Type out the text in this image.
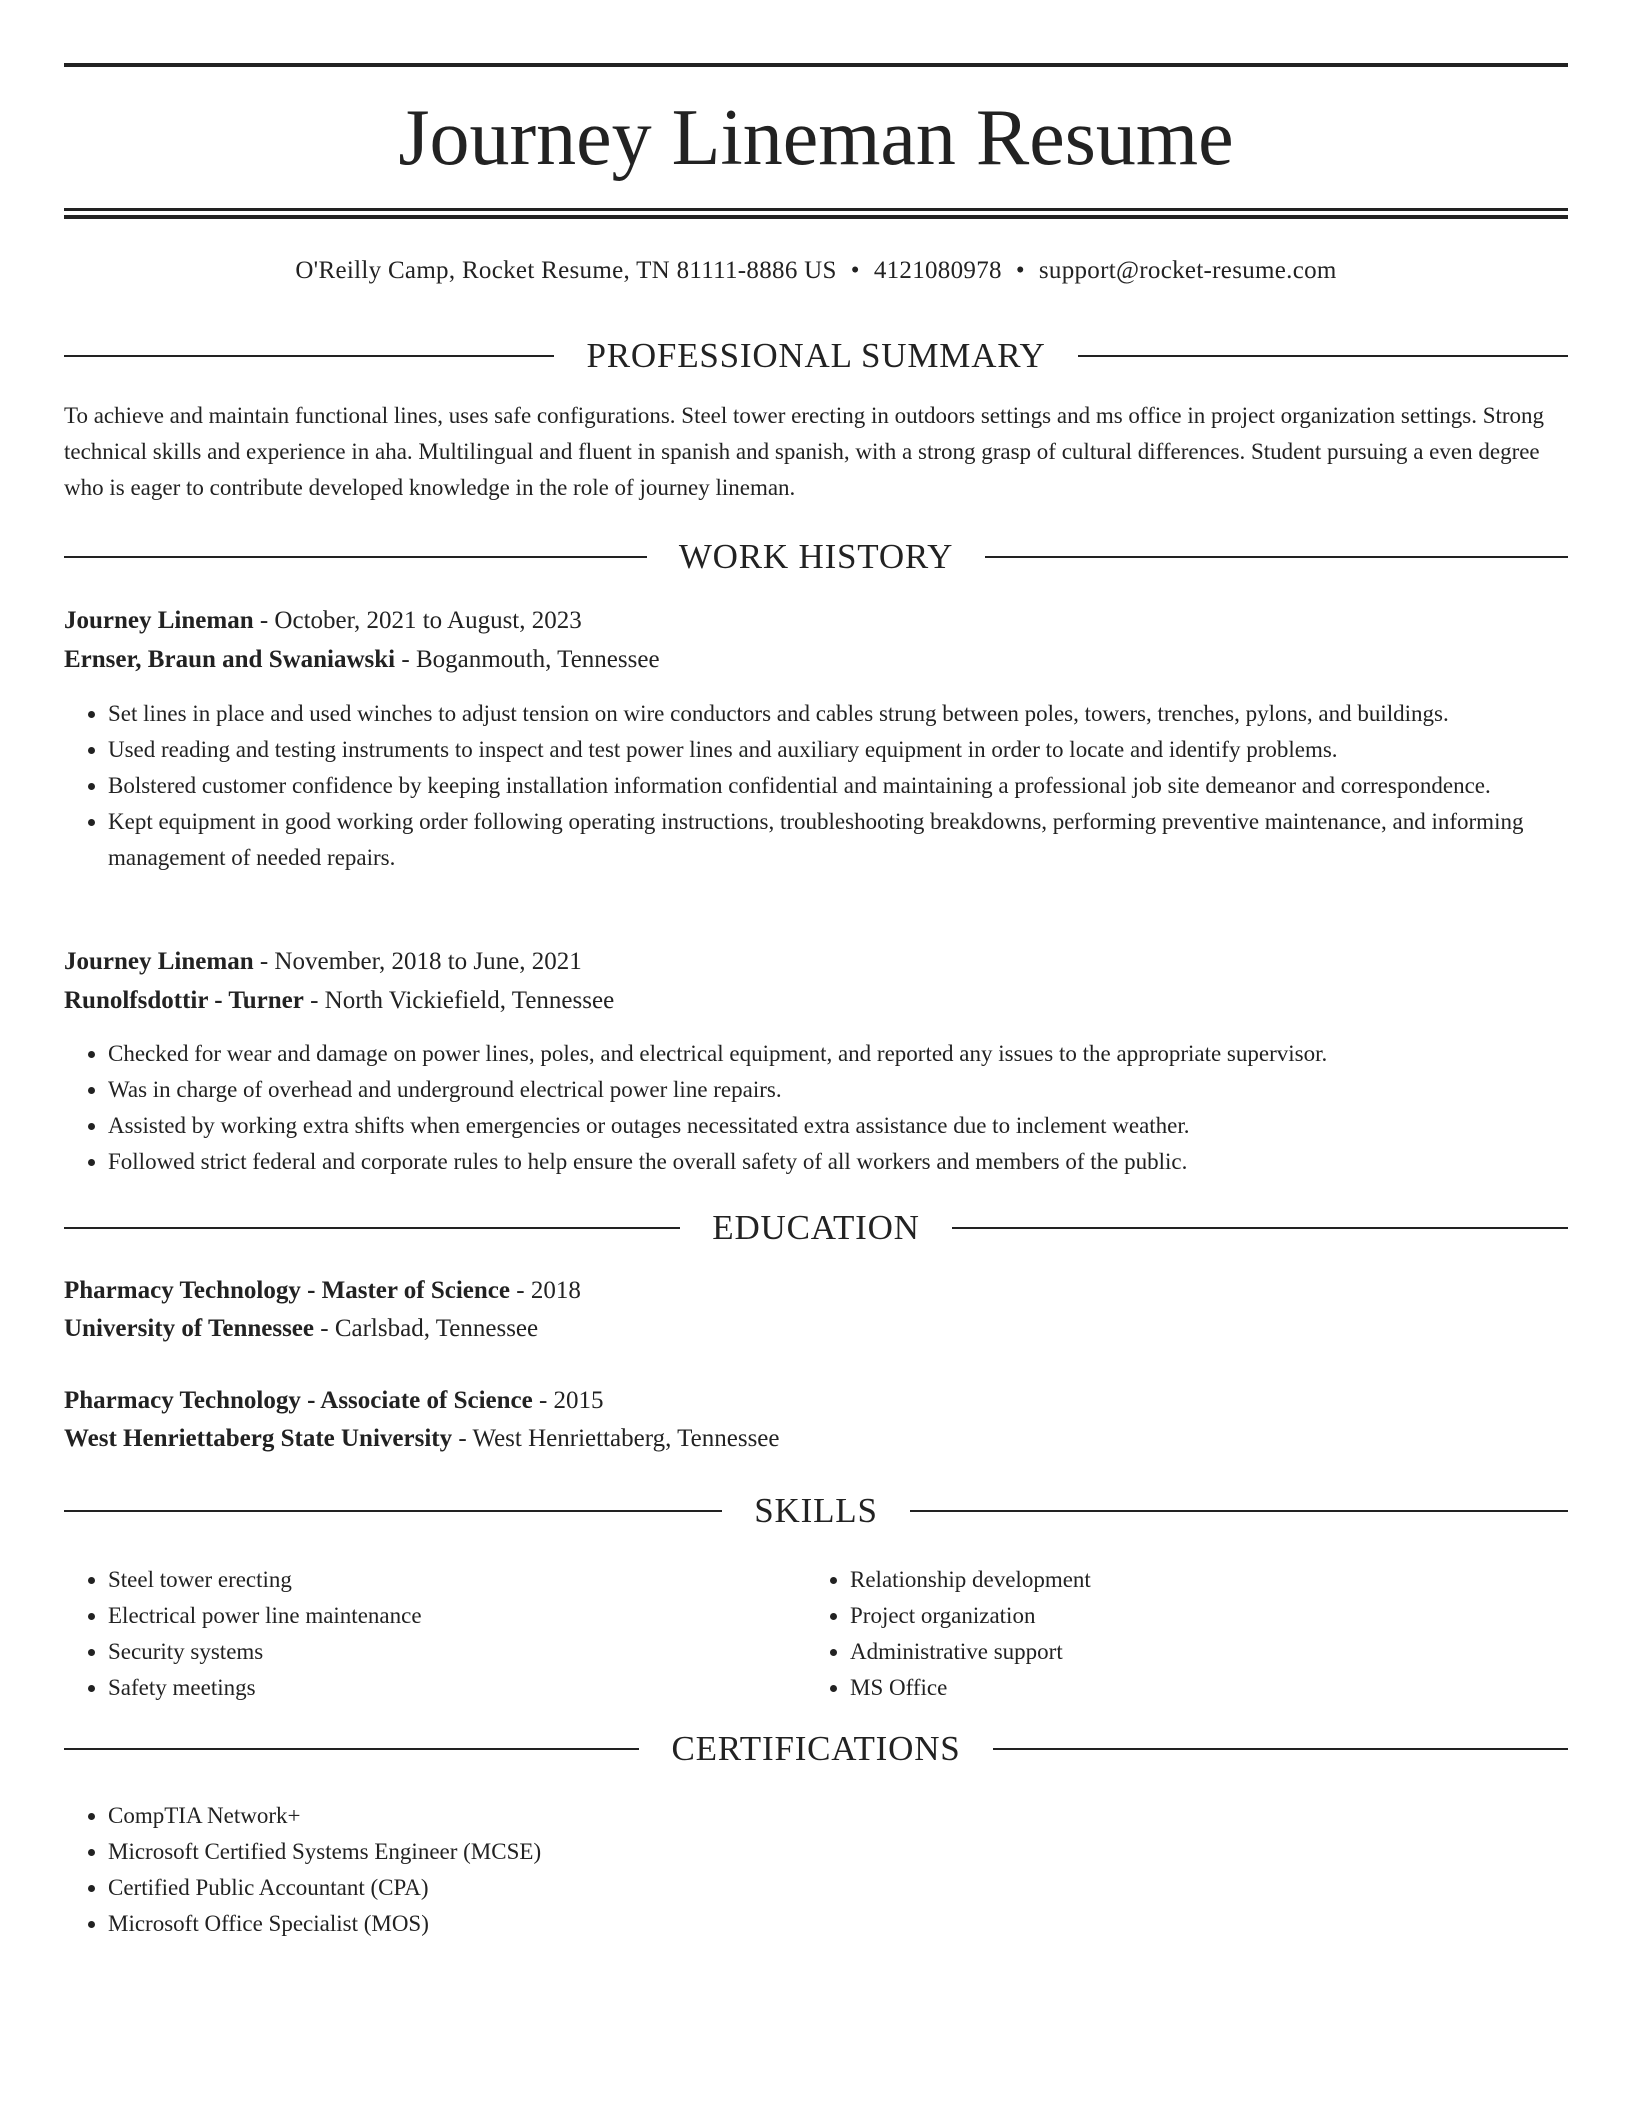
Journey Lineman Resume
O'Reilly Camp, Rocket Resume, TN 81111-8886 US • 4121080978 • support@rocket-resume.com
PROFESSIONAL SUMMARY
To achieve and maintain functional lines, uses safe configurations. Steel tower erecting in outdoors settings and ms office in project organization settings. Strong technical skills and experience in aha. Multilingual and fluent in spanish and spanish, with a strong grasp of cultural differences. Student pursuing a even degree who is eager to contribute developed knowledge in the role of journey lineman.
WORK HISTORY
Journey Lineman - October, 2021 to August, 2023
Ernser, Braun and Swaniawski - Boganmouth, Tennessee
• Set lines in place and used winches to adjust tension on wire conductors and cables strung between poles, towers, trenches, pylons, and buildings.
• Used reading and testing instruments to inspect and test power lines and auxiliary equipment in order to locate and identify problems.
• Bolstered customer confidence by keeping installation information confidential and maintaining a professional job site demeanor and correspondence.
• Kept equipment in good working order following operating instructions, troubleshooting breakdowns, performing preventive maintenance, and informing management of needed repairs.
Journey Lineman - November, 2018 to June, 2021
Runolfsdottir - Turner - North Vickiefield, Tennessee
• Checked for wear and damage on power lines, poles, and electrical equipment, and reported any issues to the appropriate supervisor.
• Was in charge of overhead and underground electrical power line repairs.
• Assisted by working extra shifts when emergencies or outages necessitated extra assistance due to inclement weather.
• Followed strict federal and corporate rules to help ensure the overall safety of all workers and members of the public.
EDUCATION
Pharmacy Technology - Master of Science - 2018
University of Tennessee - Carlsbad, Tennessee
Pharmacy Technology - Associate of Science - 2015
West Henriettaberg State University - West Henriettaberg, Tennessee
SKILLS
• Steel tower erecting
• Electrical power line maintenance
• Security systems
• Safety meetings
• Relationship development
• Project organization
• Administrative support
• MS Office
CERTIFICATIONS
• CompTIA Network+
• Microsoft Certified Systems Engineer (MCSE)
• Certified Public Accountant (CPA)
• Microsoft Office Specialist (MOS)
